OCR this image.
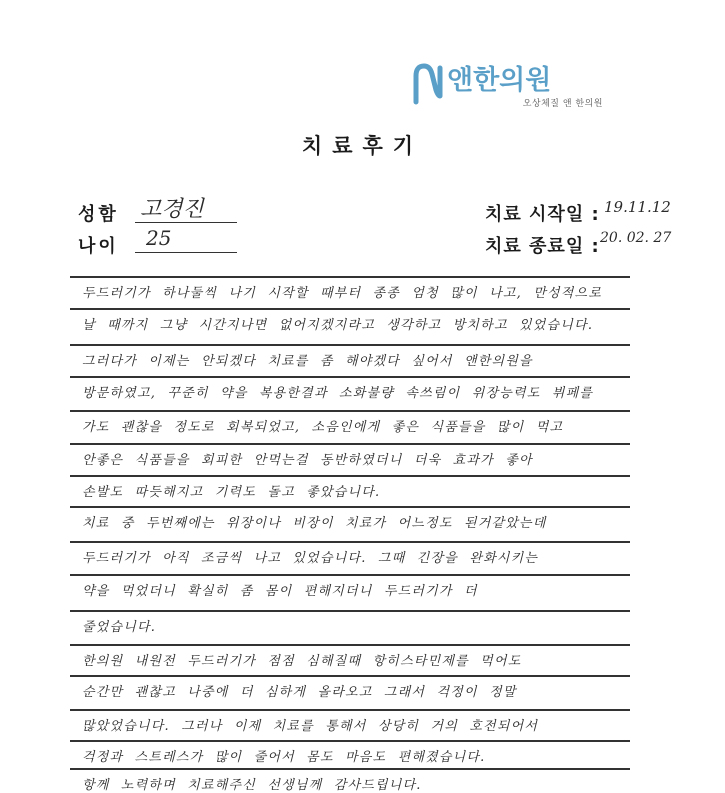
앤한의원
오상체질 앤 한의원
치료후기
성함 고경진
나이 25
치료 시작일 : 19.11.12
치료 종료일 : 20. 02. 27
두드러기가 하나둘씩 나기 시작할 때부터 종종 엄청 많이 나고, 만성적으로
날 때까지 그냥 시간지나면 없어지겠지라고 생각하고 방치하고 있었습니다.
그러다가 이제는 안되겠다 치료를 좀 해야겠다 싶어서 앤한의원을
방문하였고, 꾸준히 약을 복용한결과 소화불량 속쓰림이 위장능력도 뷔페를
가도 괜찮을 정도로 회복되었고, 소음인에게 좋은 식품들을 많이 먹고
안좋은 식품들을 회피한 안먹는걸 동반하였더니 더욱 효과가 좋아
손발도 따듯해지고 기력도 돌고 좋았습니다.
치료 중 두번째에는 위장이나 비장이 치료가 어느정도 된거같았는데
두드러기가 아직 조금씩 나고 있었습니다. 그때 긴장을 완화시키는
약을 먹었더니 확실히 좀 몸이 편해지더니 두드러기가 더
줄었습니다.
한의원 내원전 두드러기가 점점 심해질때 항히스타민제를 먹어도
순간만 괜찮고 나중에 더 심하게 올라오고 그래서 걱정이 정말
많았었습니다. 그러나 이제 치료를 통해서 상당히 거의 호전되어서
걱정과 스트레스가 많이 줄어서 몸도 마음도 편해졌습니다.
항께 노력하며 치료해주신 선생님께 감사드립니다.
